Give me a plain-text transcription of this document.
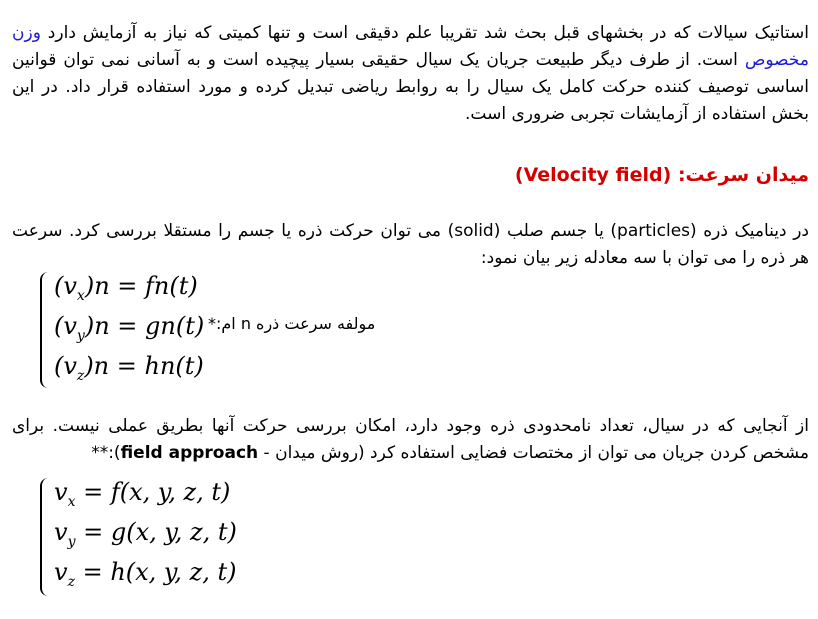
استاتیک سیالات که در بخشهای قبل بحث شد تقریبا علم دقیقی است و تنها کمیتی که نیاز به آزمایش دارد وزن مخصوص است. از طرف دیگر طبیعت جریان یک سیال حقیقی بسیار پیچیده است و به آسانی نمی توان قوانین اساسی توصیف کننده حرکت کامل یک سیال را به روابط ریاضی تبدیل کرده و مورد استفاده قرار داد. در این بخش استفاده از آزمایشات تجربی ضروری است.
میدان سرعت: (Velocity field)
در دینامیک ذره (particles) یا جسم صلب (solid) می توان حرکت ذره یا جسم را مستقلا بررسی کرد. سرعت هر ذره را می توان با سه معادله زیر بیان نمود:
$(v_x)n = fn(t)$
$(v_y)n = gn(t)$
$(v_z)n = hn(t)$
مولفه سرعت ذره n ام:*
از آنجایی که در سیال، تعداد نامحدودی ذره وجود دارد، امکان بررسی حرکت آنها بطریق عملی نیست. برای مشخص کردن جریان می توان از مختصات فضایی استفاده کرد (روش میدان - field approach):**
$v_x = f(x$, y, z, t)
$v_y = g(x$, y, z, t)
$v_z = h(x$, y, z, t)
